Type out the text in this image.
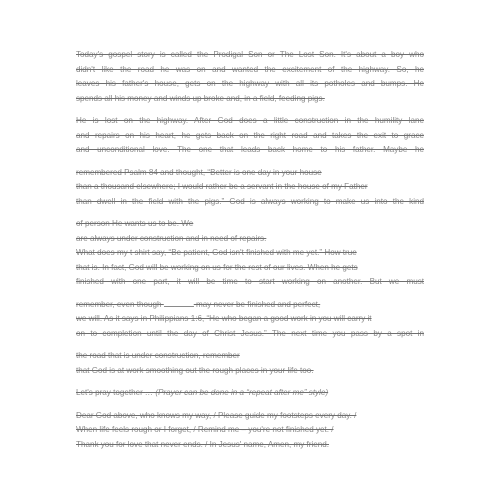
Today's gospel story is called the Prodigal Son or The Lost Son. It's about a boy who
didn't like the road he was on and wanted the excitement of the highway. So, he
leaves his father's house, gets on the highway with all its potholes and bumps. He
spends all his money and winds up broke and, in a field, feeding pigs.

He is lost on the highway. After God does a little construction in the humility lane
and repairs on his heart, he gets back on the right road and takes the exit to grace
and unconditional love. The one that leads back home to his father. Maybe he

remembered Psalm 84 and thought, “Better is one day in your house
than a thousand elsewhere; I would rather be a servant in the house of my Father
than dwell in the field with the pigs.” God is always working to make us into the kind

of person He wants us to be. We
are always under construction and in need of repairs.
What does my t shirt say, “Be patient, God isn't finished with me yet.” How true
that is. In fact, God will be working on us for the rest of our lives. When he gets
finished with one part, it will be time to start working on another. But we must

remember, even though	may never be finished and perfect,
we will. As it says in Philippians 1:6, “He who began a good work in you will carry it
on to completion until the day of Christ Jesus.” The next time you pass by a spot in

the road that is under construction, remember
that God is at work smoothing out the rough places in your life too.

Let's pray together … (Prayer can be done in a “repeat after me” style)

Dear God above, who knows my way, / Please guide my footsteps every day. /
When life feels rough or I forget, / Remind me – you're not finished yet. /
Thank you for love that never ends. / In Jesus' name, Amen, my friend.
